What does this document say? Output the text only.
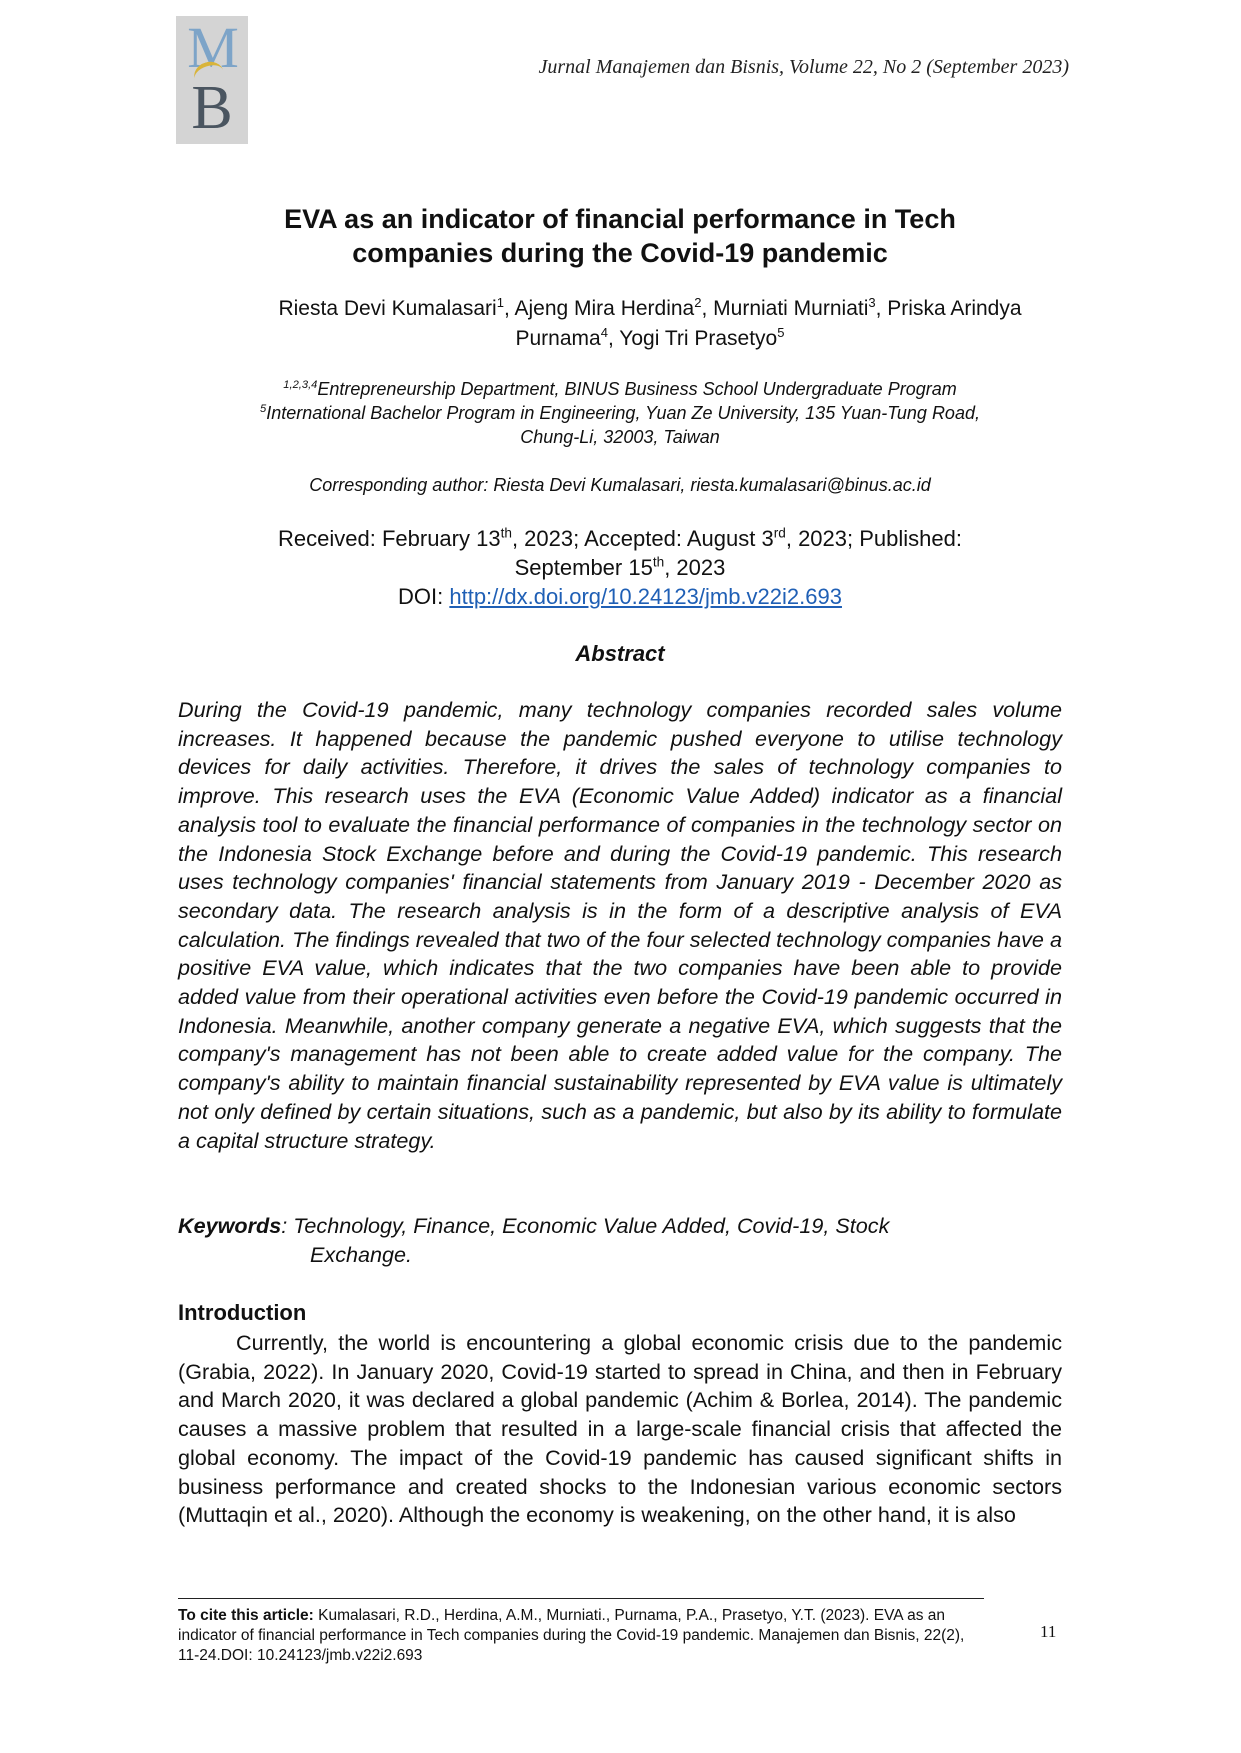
M
B
Jurnal Manajemen dan Bisnis, Volume 22, No 2 (September 2023)
EVA as an indicator of financial performance in Tech
companies during the Covid-19 pandemic
Riesta Devi Kumalasari$^1$, Ajeng Mira Herdina$^2$, Murniati Murniati$^3$, Priska Arindya Purnama$^4$, Yogi Tri Prasetyo$^5$
$^{1,2,3,4}$Entrepreneurship Department, BINUS Business School Undergraduate Program
$^5$International Bachelor Program in Engineering, Yuan Ze University, 135 Yuan-Tung Road,
Chung-Li, 32003, Taiwan
Corresponding author: Riesta Devi Kumalasari, riesta.kumalasari@binus.ac.id
Received: February 13th, 2023; Accepted: August 3rd, 2023; Published:
September 15th, 2023
DOI: http://dx.doi.org/10.24123/jmb.v22i2.693
Abstract

During the Covid-19 pandemic, many technology companies recorded sales volume increases. It happened because the pandemic pushed everyone to utilise technology devices for daily activities. Therefore, it drives the sales of technology companies to improve. This research uses the EVA (Economic Value Added) indicator as a financial analysis tool to evaluate the financial performance of companies in the technology sector on the Indonesia Stock Exchange before and during the Covid-19 pandemic. This research uses technology companies' financial statements from January 2019 - December 2020 as secondary data. The research analysis is in the form of a descriptive analysis of EVA calculation. The findings revealed that two of the four selected technology companies have a positive EVA value, which indicates that the two companies have been able to provide added value from their operational activities even before the Covid-19 pandemic occurred in Indonesia. Meanwhile, another company generate a negative EVA, which suggests that the company's management has not been able to create added value for the company. The company's ability to maintain financial sustainability represented by EVA value is ultimately not only defined by certain situations, such as a pandemic, but also by its ability to formulate a capital structure strategy.

Keywords: Technology, Finance, Economic Value Added, Covid-19, Stock
Exchange.

Introduction

Currently, the world is encountering a global economic crisis due to the pandemic (Grabia, 2022). In January 2020, Covid-19 started to spread in China, and then in February and March 2020, it was declared a global pandemic (Achim & Borlea, 2014). The pandemic causes a massive problem that resulted in a large-scale financial crisis that affected the global economy. The impact of the Covid-19 pandemic has caused significant shifts in business performance and created shocks to the Indonesian various economic sectors (Muttaqin et al., 2020). Although the economy is weakening, on the other hand, it is also

To cite this article: Kumalasari, R.D., Herdina, A.M., Murniati., Purnama, P.A., Prasetyo, Y.T. (2023). EVA as an indicator of financial performance in Tech companies during the Covid-19 pandemic. Manajemen dan Bisnis, 22(2), 11-24.DOI: 10.24123/jmb.v22i2.693

11
